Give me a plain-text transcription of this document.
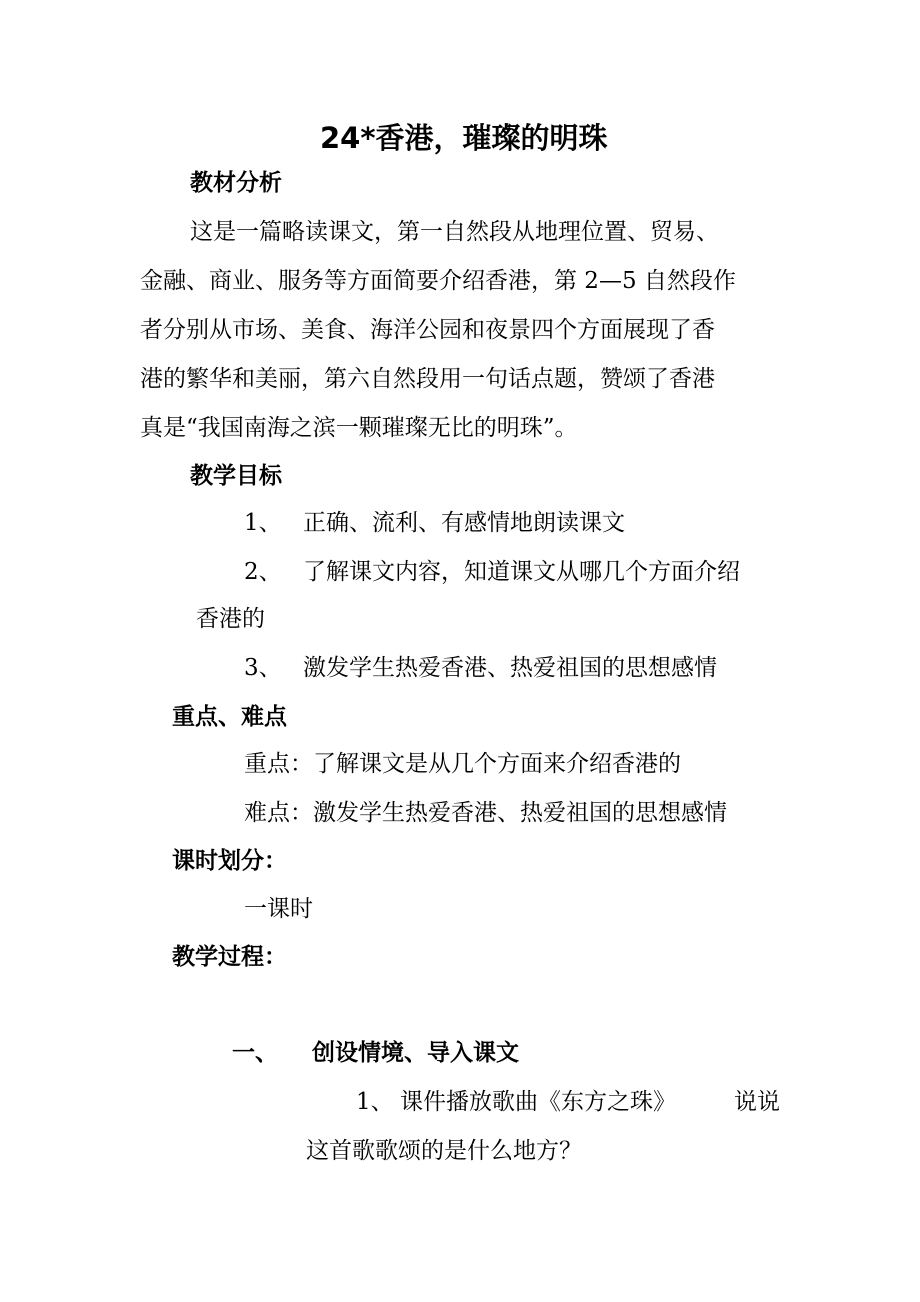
24*香港，璀璨的明珠
教材分析
这是一篇略读课文，第一自然段从地理位置、贸易、
金融、商业、服务等方面简要介绍香港，第 2—5 自然段作
者分别从市场、美食、海洋公园和夜景四个方面展现了香
港的繁华和美丽，第六自然段用一句话点题，赞颂了香港
真是“我国南海之滨一颗璀璨无比的明珠”。
教学目标
1、 正确、流利、有感情地朗读课文
2、 了解课文内容，知道课文从哪几个方面介绍
香港的
3、 激发学生热爱香港、热爱祖国的思想感情
重点、难点
重点：了解课文是从几个方面来介绍香港的
难点：激发学生热爱香港、热爱祖国的思想感情
课时划分：
一课时
教学过程：
一、 创设情境、导入课文
1、 课件播放歌曲《东方之珠》	说说
这首歌歌颂的是什么地方？
